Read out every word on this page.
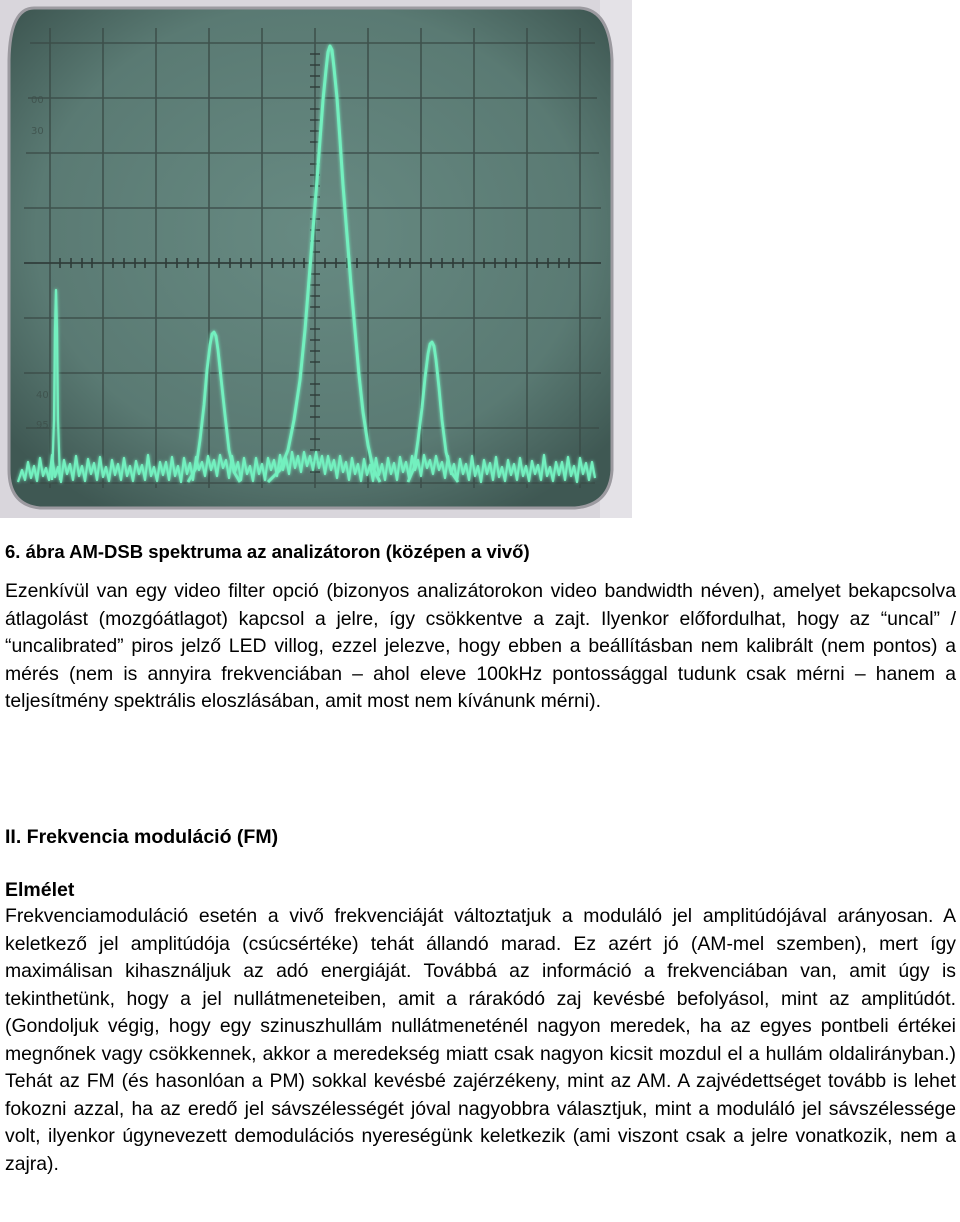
00
30
40
95

6. ábra AM-DSB spektruma az analizátoron (középen a vivő)

Ezenkívül van egy video filter opció (bizonyos analizátorokon video bandwidth néven), amelyet bekapcsolva átlagolást (mozgóátlagot) kapcsol a jelre, így csökkentve a zajt. Ilyenkor előfordulhat, hogy az “uncal” / “uncalibrated” piros jelző LED villog, ezzel jelezve, hogy ebben a beállításban nem kalibrált (nem pontos) a mérés (nem is annyira frekvenciában – ahol eleve 100kHz pontossággal tudunk csak mérni – hanem a teljesítmény spektrális eloszlásában, amit most nem kívánunk mérni).

II. Frekvencia moduláció (FM)
Elmélet

Frekvenciamoduláció esetén a vivő frekvenciáját változtatjuk a moduláló jel amplitúdójával arányosan. A keletkező jel amplitúdója (csúcsértéke) tehát állandó marad. Ez azért jó (AM-mel szemben), mert így maximálisan kihasználjuk az adó energiáját. Továbbá az információ a frekvenciában van, amit úgy is tekinthetünk, hogy a jel nullátmeneteiben, amit a rárakódó zaj kevésbé befolyásol, mint az amplitúdót. (Gondoljuk végig, hogy egy szinuszhullám nullátmeneténél nagyon meredek, ha az egyes pontbeli értékei megnőnek vagy csökkennek, akkor a meredekség miatt csak nagyon kicsit mozdul el a hullám oldalirányban.) Tehát az FM (és hasonlóan a PM) sokkal kevésbé zajérzékeny, mint az AM. A zajvédettséget tovább is lehet fokozni azzal, ha az eredő jel sávszélességét jóval nagyobbra választjuk, mint a moduláló jel sávszélessége volt, ilyenkor úgynevezett demodulációs nyereségünk keletkezik (ami viszont csak a jelre vonatkozik, nem a zajra).
